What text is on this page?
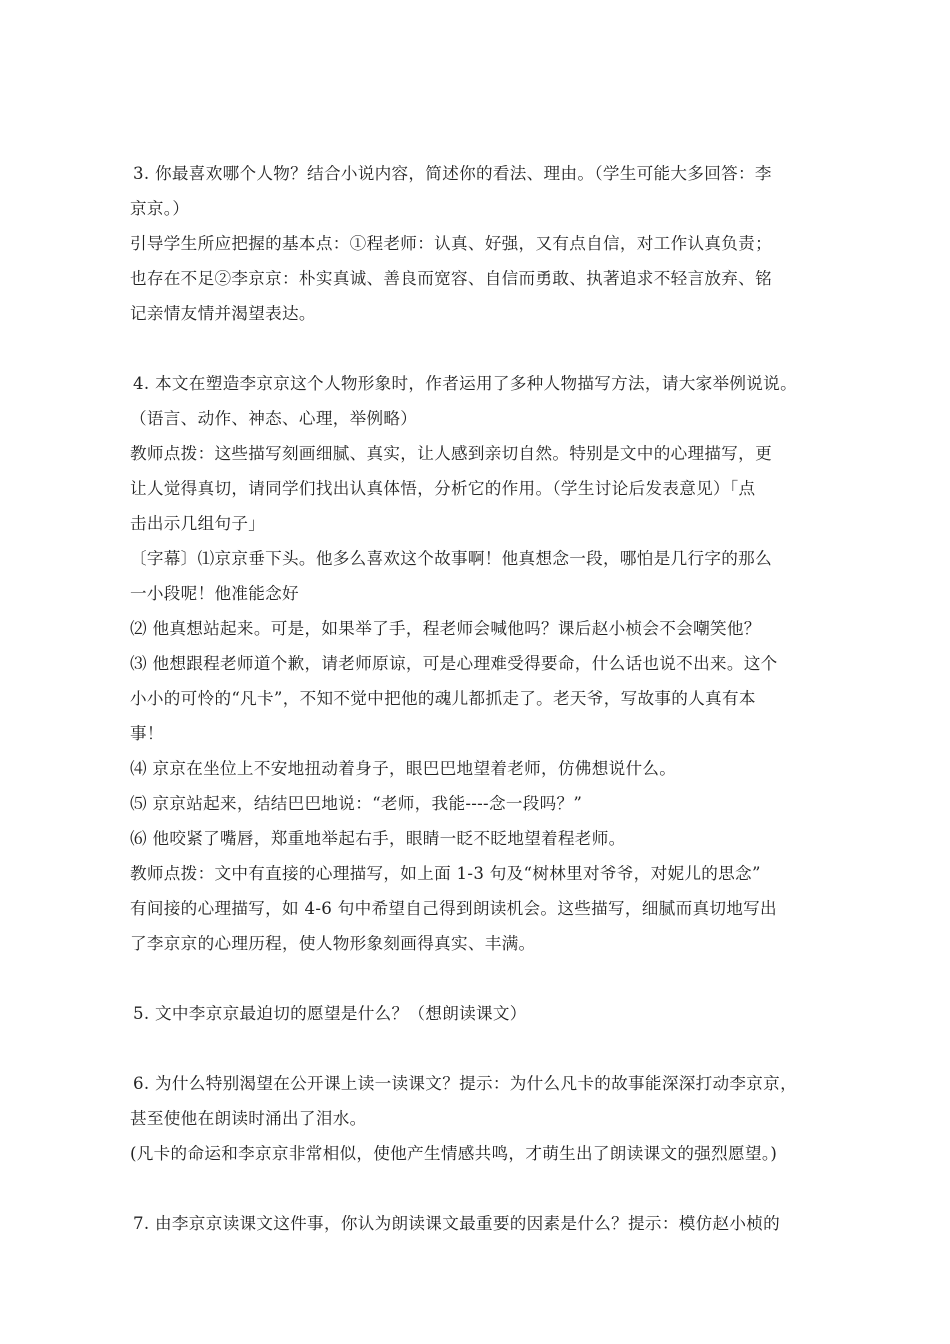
3. 你最喜欢哪个人物？结合小说内容，简述你的看法、理由。（学生可能大多回答：李
京京。）
引导学生所应把握的基本点：①程老师：认真、好强，又有点自信，对工作认真负责；
也存在不足②李京京：朴实真诚、善良而宽容、自信而勇敢、执著追求不轻言放弃、铭
记亲情友情并渴望表达。
4. 本文在塑造李京京这个人物形象时，作者运用了多种人物描写方法，请大家举例说说。
（语言、动作、神态、心理，举例略）
教师点拨：这些描写刻画细腻、真实，让人感到亲切自然。特别是文中的心理描写，更
让人觉得真切，请同学们找出认真体悟，分析它的作用。（学生讨论后发表意见）「点
击出示几组句子」
〔字幕〕⑴京京垂下头。他多么喜欢这个故事啊！他真想念一段，哪怕是几行字的那么
一小段呢！他准能念好
⑵ 他真想站起来。可是，如果举了手，程老师会喊他吗？课后赵小桢会不会嘲笑他？
⑶ 他想跟程老师道个歉，请老师原谅，可是心理难受得要命，什么话也说不出来。这个
小小的可怜的“凡卡”，不知不觉中把他的魂儿都抓走了。老天爷，写故事的人真有本
事！
⑷ 京京在坐位上不安地扭动着身子，眼巴巴地望着老师，仿佛想说什么。
⑸ 京京站起来，结结巴巴地说：“老师，我能----念一段吗？”
⑹ 他咬紧了嘴唇，郑重地举起右手，眼睛一眨不眨地望着程老师。
教师点拨：文中有直接的心理描写，如上面 1-3 句及“树林里对爷爷，对妮儿的思念”
有间接的心理描写，如 4-6 句中希望自己得到朗读机会。这些描写，细腻而真切地写出
了李京京的心理历程，使人物形象刻画得真实、丰满。
5. 文中李京京最迫切的愿望是什么？（想朗读课文）
6. 为什么特别渴望在公开课上读一读课文？提示：为什么凡卡的故事能深深打动李京京，
甚至使他在朗读时涌出了泪水。
(凡卡的命运和李京京非常相似，使他产生情感共鸣，才萌生出了朗读课文的强烈愿望。)
7. 由李京京读课文这件事，你认为朗读课文最重要的因素是什么？提示：模仿赵小桢的
